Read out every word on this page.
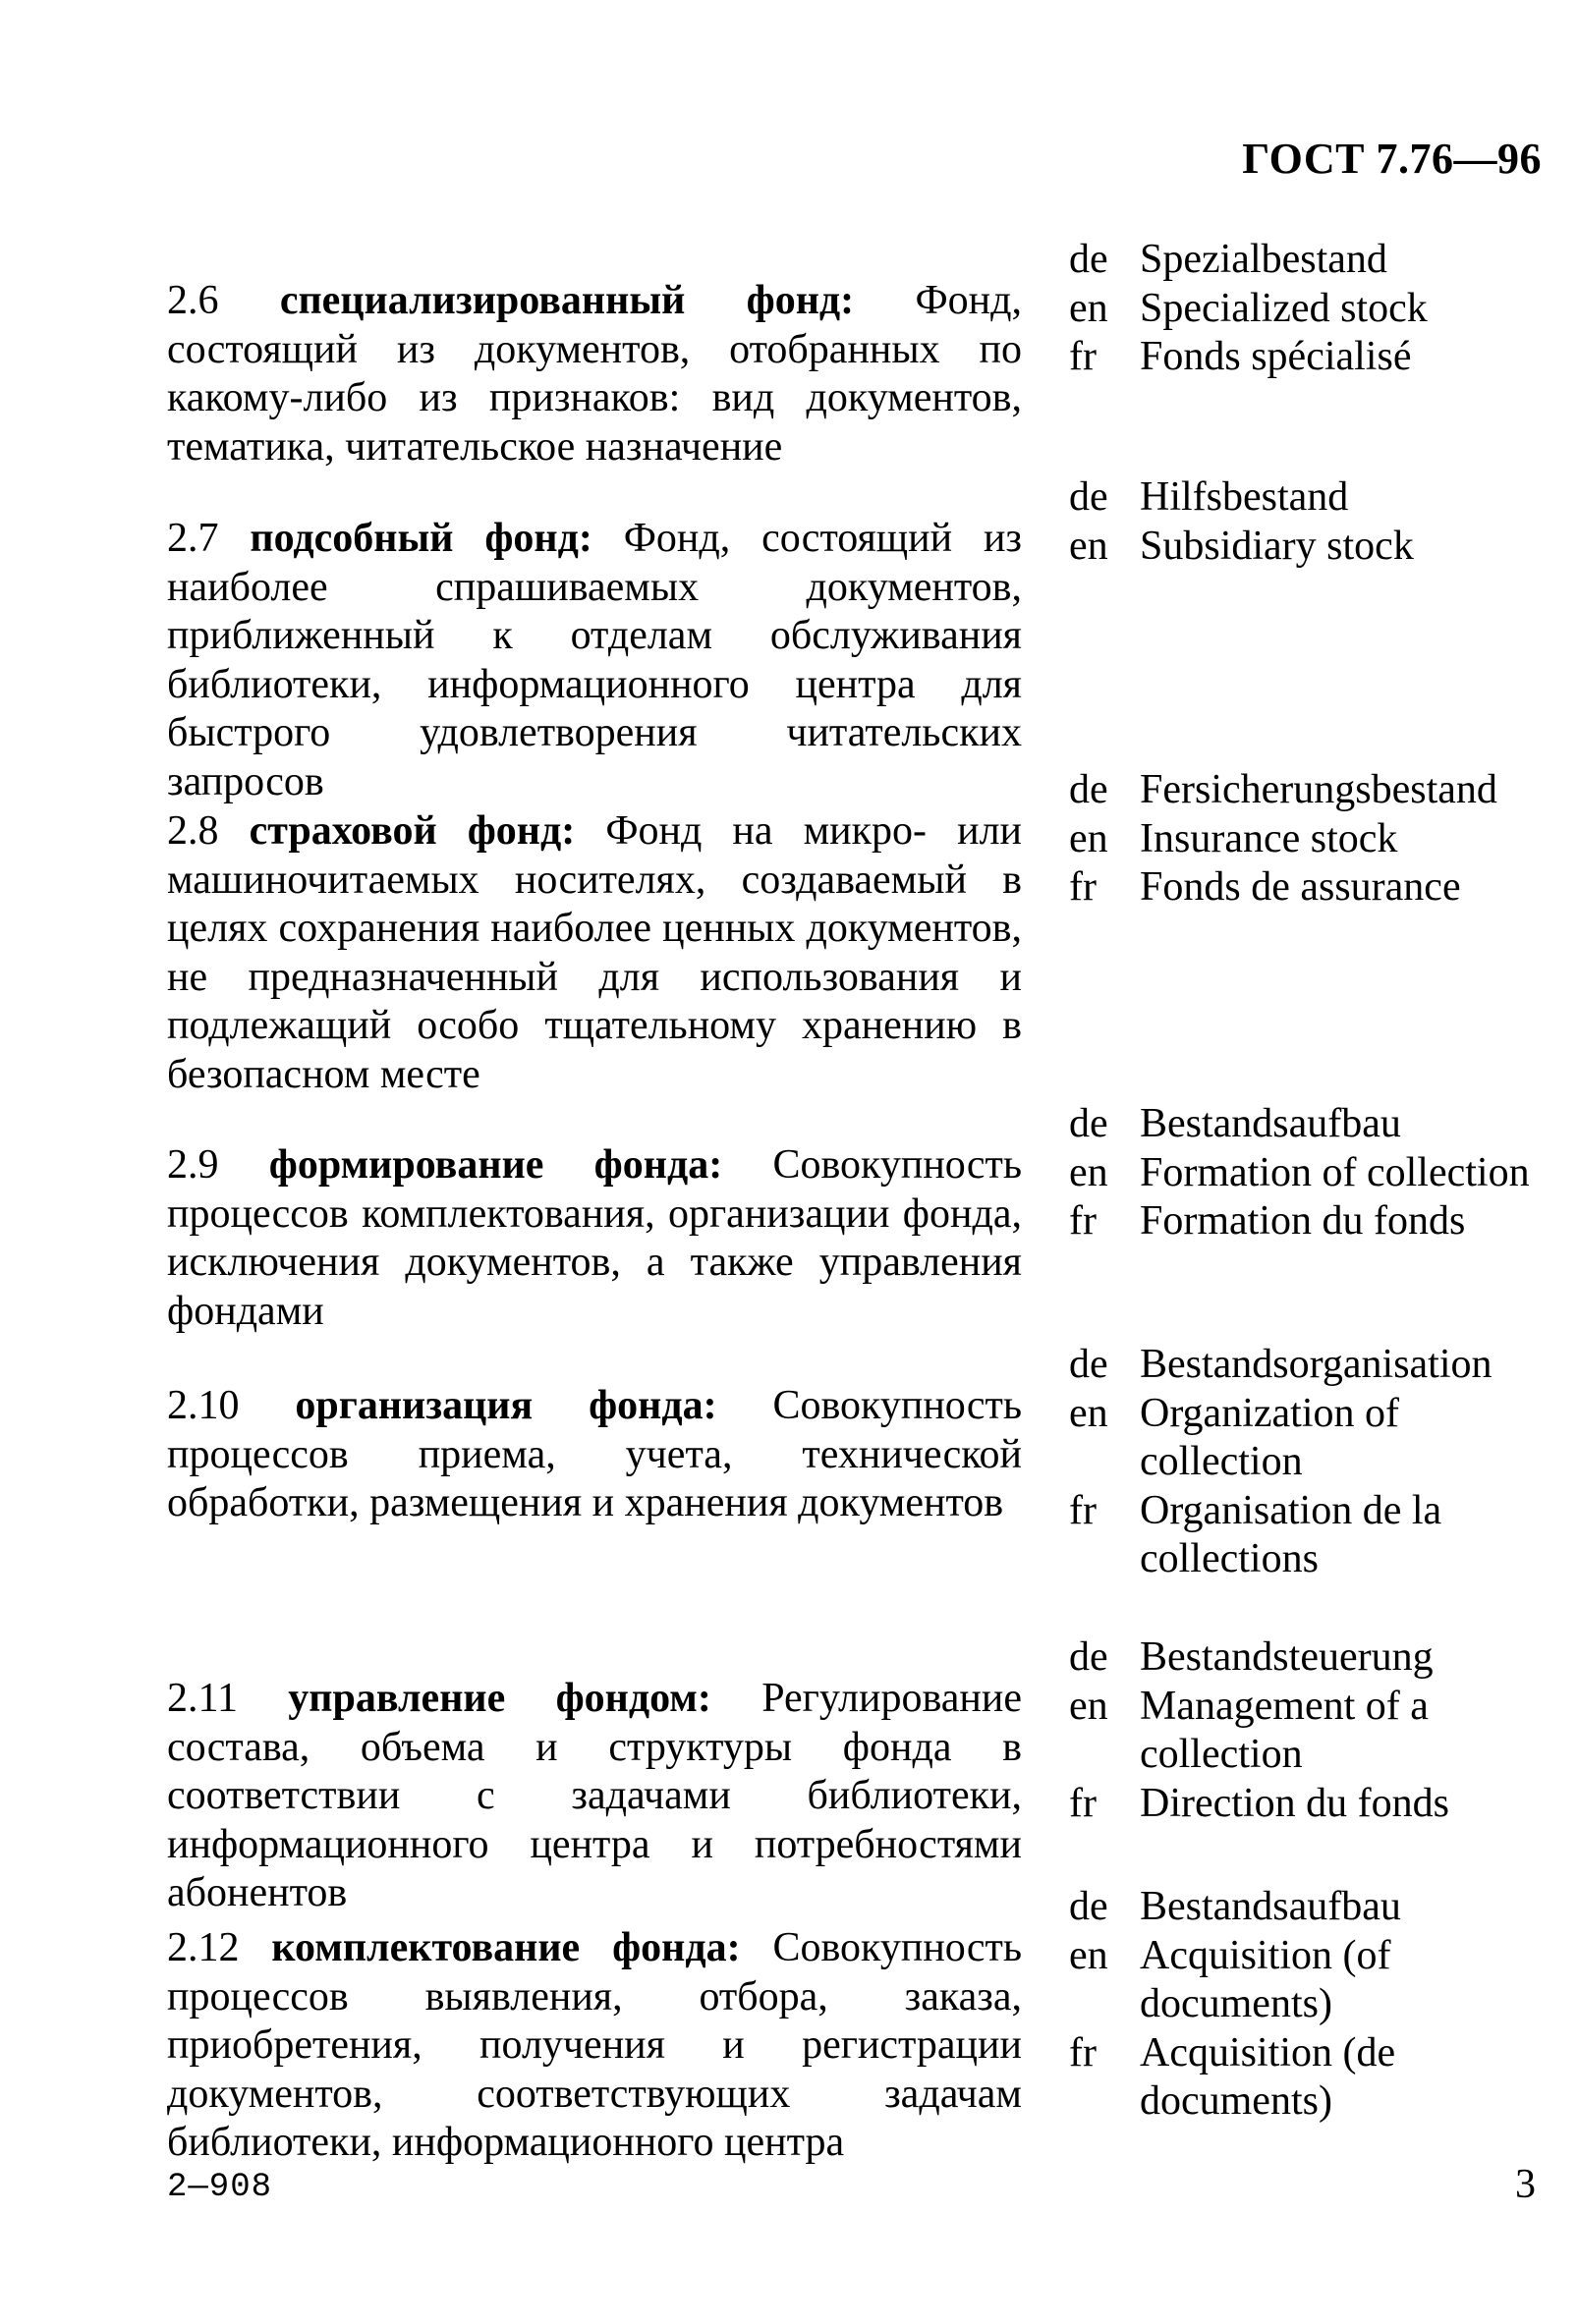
ГОСТ 7.76—96

2.6 специализированный фонд: Фонд, состоящий из документов, отобранных по какому-либо из признаков: вид документов, тематика, читательское назначение

de Spezialbestand
en Specialized stock
fr	Fonds spécialisé

2.7 подсобный фонд: Фонд, состоящий из наиболее спрашиваемых документов, приближенный к отделам обслуживания библиотеки, информационного центра для быстрого удовлетворения читательских запросов

de Hilfsbestand
en Subsidiary stock

2.8 страховой фонд: Фонд на микро- или машиночитаемых носителях, создаваемый в целях сохранения наиболее ценных документов, не предназначенный для использования и подлежащий особо тщательному хранению в безопасном месте

de Fersicherungsbestand
en Insurance stock
fr	Fonds de assurance

2.9 формирование фонда: Совокупность процессов комплектования, организации фонда, исключения документов, а также управления фондами

de Bestandsaufbau
en Formation of collection
fr	Formation du fonds

2.10 организация фонда: Совокупность процессов приема, учета, технической обработки, размещения и хранения документов

de Bestandsorganisation
en Organization of collection
fr	Organisation de la collections

2.11 управление фондом: Регулирование состава, объема и структуры фонда в соответствии с задачами библиотеки, информационного центра и потребностями абонентов

de Bestandsteuerung
en Management of a collection
fr	Direction du fonds

2.12 комплектование фонда: Совокупность процессов выявления, отбора, заказа, приобретения, получения и регистрации документов, соответствующих задачам библиотеки, информационного центра

de Bestandsaufbau
en Acquisition (of documents)
fr	Acquisition (de documents)
2—908	3
